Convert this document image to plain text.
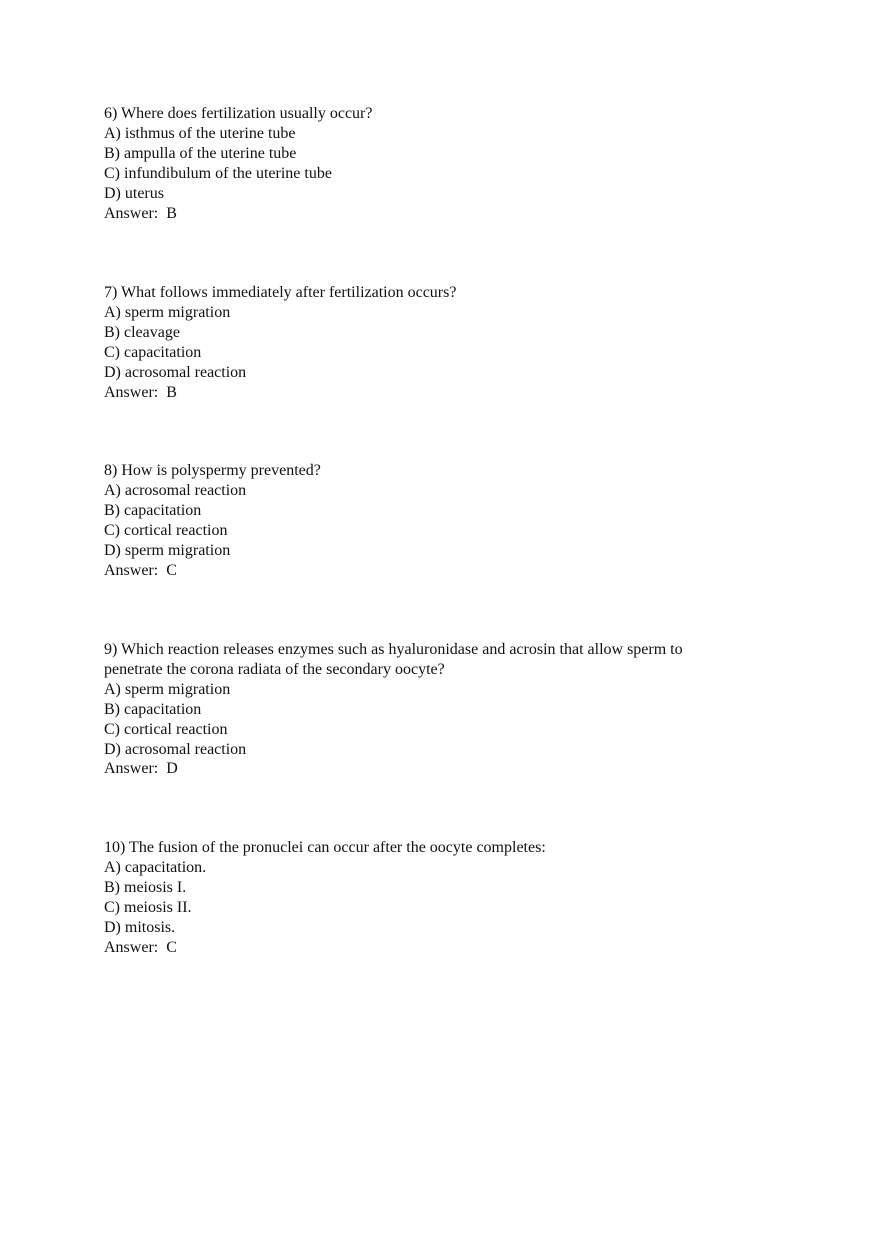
6) Where does fertilization usually occur?
A) isthmus of the uterine tube
B) ampulla of the uterine tube
C) infundibulum of the uterine tube
D) uterus
Answer:  B
7) What follows immediately after fertilization occurs?
A) sperm migration
B) cleavage
C) capacitation
D) acrosomal reaction
Answer:  B
8) How is polyspermy prevented?
A) acrosomal reaction
B) capacitation
C) cortical reaction
D) sperm migration
Answer:  C
9) Which reaction releases enzymes such as hyaluronidase and acrosin that allow sperm to
penetrate the corona radiata of the secondary oocyte?
A) sperm migration
B) capacitation
C) cortical reaction
D) acrosomal reaction
Answer:  D
10) The fusion of the pronuclei can occur after the oocyte completes:
A) capacitation.
B) meiosis I.
C) meiosis II.
D) mitosis.
Answer:  C
